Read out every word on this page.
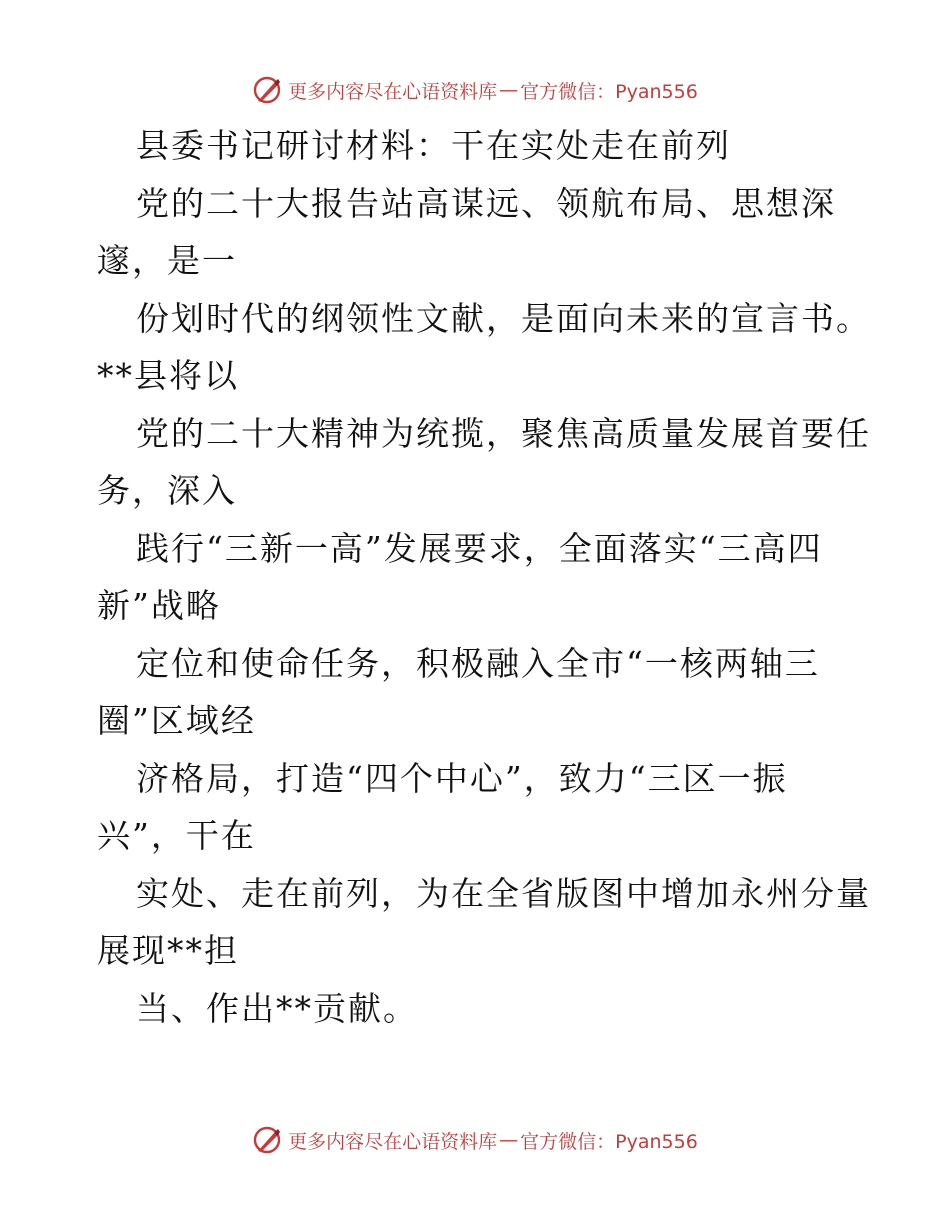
更多内容尽在心语资料库 — 官方微信：Pyan556
县委书记研讨材料：干在实处走在前列
党的二十大报告站高谋远、领航布局、思想深
邃，是一
份划时代的纲领性文献，是面向未来的宣言书。
**县将以
党的二十大精神为统揽，聚焦高质量发展首要任
务，深入
践行“三新一高”发展要求，全面落实“三高四
新”战略
定位和使命任务，积极融入全市“一核两轴三
圈”区域经
济格局，打造“四个中心”，致力“三区一振
兴”，干在
实处、走在前列，为在全省版图中增加永州分量
展现**担
当、作出**贡献。
更多内容尽在心语资料库 — 官方微信：Pyan556
